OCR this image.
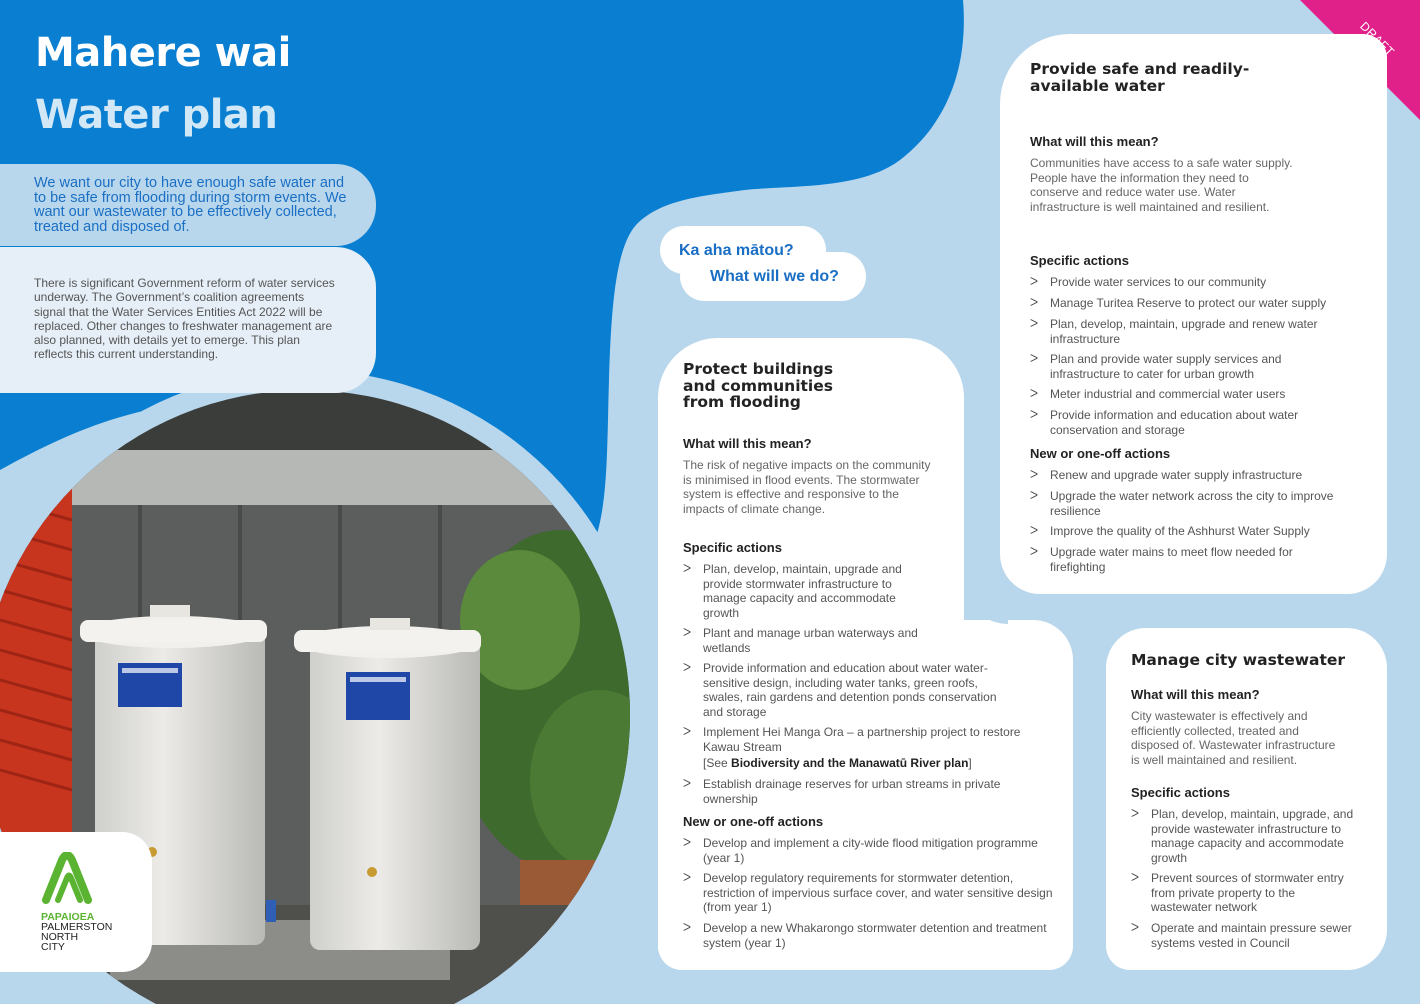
Mahere wai
Water plan

We want our city to have enough safe water and to be safe from flooding during storm events. We want our wastewater to be effectively collected, treated and disposed of.

There is significant Government reform of water services underway. The Government’s coalition agreements signal that the Water Services Entities Act 2022 will be replaced. Other changes to freshwater management are also planned, with details yet to emerge. This plan reflects this current understanding.

Ka aha mātou?
What will we do?
Protect buildings and communities from flooding
What will this mean?
The risk of negative impacts on the community is minimised in flood events. The stormwater system is effective and responsive to the impacts of climate change.
Specific actions
ᐳ Plan, develop, maintain, upgrade and provide stormwater infrastructure to manage capacity and accommodate growth
ᐳ Plant and manage urban waterways and wetlands
ᐳ Provide information and education about water water-sensitive design, including water tanks, green roofs, swales, rain gardens and detention ponds conservation and storage
ᐳ Implement Hei Manga Ora – a partnership project to restore Kawau Stream
[See Biodiversity and the Manawatū River plan]
ᐳ Establish drainage reserves for urban streams in private ownership
New or one-off actions
ᐳ Develop and implement a city-wide flood mitigation programme (year 1)
ᐳ Develop regulatory requirements for stormwater detention, restriction of impervious surface cover, and water sensitive design (from year 1)
ᐳ Develop a new Whakarongo stormwater detention and treatment system (year 1)
Provide safe and readily-available water
What will this mean?
Communities have access to a safe water supply. People have the information they need to conserve and reduce water use. Water infrastructure is well maintained and resilient.
Specific actions
ᐳ Provide water services to our community
ᐳ Manage Turitea Reserve to protect our water supply
ᐳ Plan, develop, maintain, upgrade and renew water infrastructure
ᐳ Plan and provide water supply services and infrastructure to cater for urban growth
ᐳ Meter industrial and commercial water users
ᐳ Provide information and education about water conservation and storage
New or one-off actions
ᐳ Renew and upgrade water supply infrastructure
ᐳ Upgrade the water network across the city to improve resilience
ᐳ Improve the quality of the Ashhurst Water Supply
ᐳ Upgrade water mains to meet flow needed for firefighting
Manage city wastewater
What will this mean?
City wastewater is effectively and efficiently collected, treated and disposed of. Wastewater infrastructure is well maintained and resilient.
Specific actions
ᐳ Plan, develop, maintain, upgrade, and provide wastewater infrastructure to manage capacity and accommodate growth
ᐳ Prevent sources of stormwater entry from private property to the wastewater network
ᐳ Operate and maintain pressure sewer systems vested in Council
PAPAIOEA
PALMERSTON
NORTH
CITY
